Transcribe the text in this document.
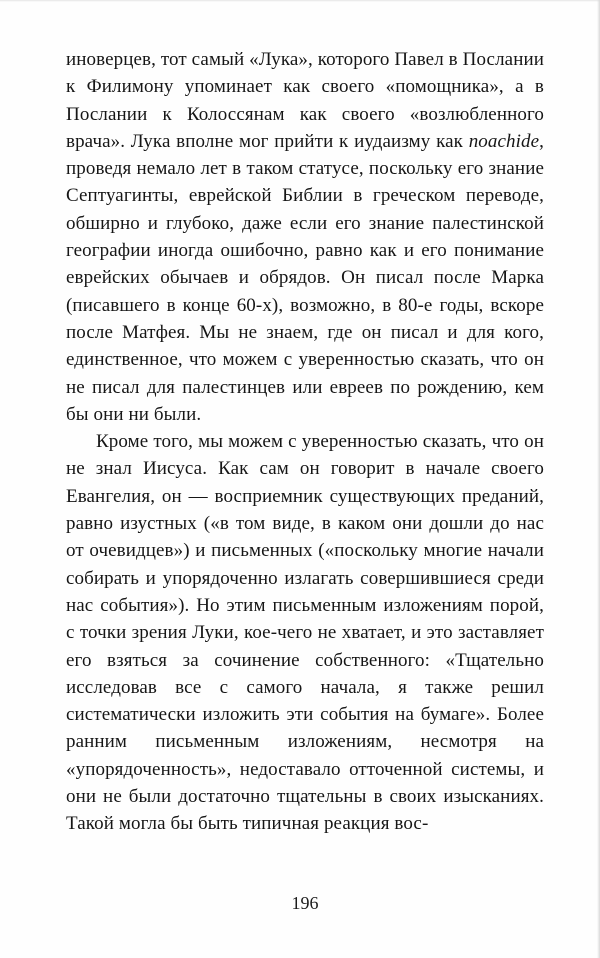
иноверцев, тот самый «Лука», которого Павел в Послании к Филимону упоминает как своего «помощника», а в Послании к Колоссянам как своего «возлюбленного врача». Лука вполне мог прийти к иудаизму как noachide, проведя немало лет в таком статусе, поскольку его знание Септуагинты, еврейской Библии в греческом переводе, обширно и глубоко, даже если его знание палестинской географии иногда ошибочно, равно как и его понимание еврейских обычаев и обрядов. Он писал после Марка (писавшего в конце 60-х), возможно, в 80-е годы, вскоре после Матфея. Мы не знаем, где он писал и для кого, единственное, что можем с уверенностью сказать, что он не писал для палестинцев или евреев по рождению, кем бы они ни были.

Кроме того, мы можем с уверенностью сказать, что он не знал Иисуса. Как сам он говорит в начале своего Евангелия, он — восприемник существующих преданий, равно изустных («в том виде, в каком они дошли до нас от очевидцев») и письменных («поскольку многие начали собирать и упорядоченно излагать совершившиеся среди нас события»). Но этим письменным изложениям порой, с точки зрения Луки, кое-чего не хватает, и это заставляет его взяться за сочинение собственного: «Тщательно исследовав все с самого начала, я также решил систематически изложить эти события на бумаге». Более ранним письменным изложениям, несмотря на «упорядоченность», недоставало отточенной системы, и они не были достаточно тщательны в своих изысканиях. Такой могла бы быть типичная реакция вос-

196
